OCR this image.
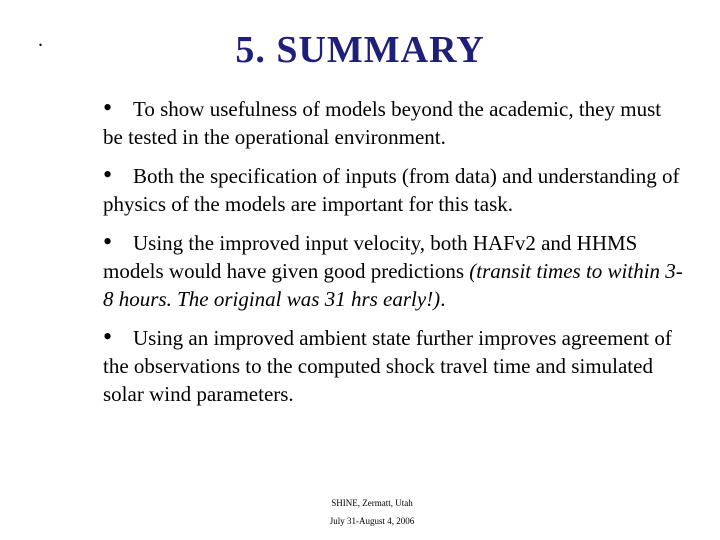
.	5. SUMMARY
• To show usefulness of models beyond the academic, they must be tested in the operational environment.
• Both the specification of inputs (from data) and understanding of physics of the models are important for this task.
• Using the improved input velocity, both HAFv2 and HHMS models would have given good predictions (transit times to within 3-8 hours. The original was 31 hrs early!).
• Using an improved ambient state further improves agreement of the observations to the computed shock travel time and simulated solar wind parameters.
SHINE, Zermatt, Utah
July 31-August 4, 2006
